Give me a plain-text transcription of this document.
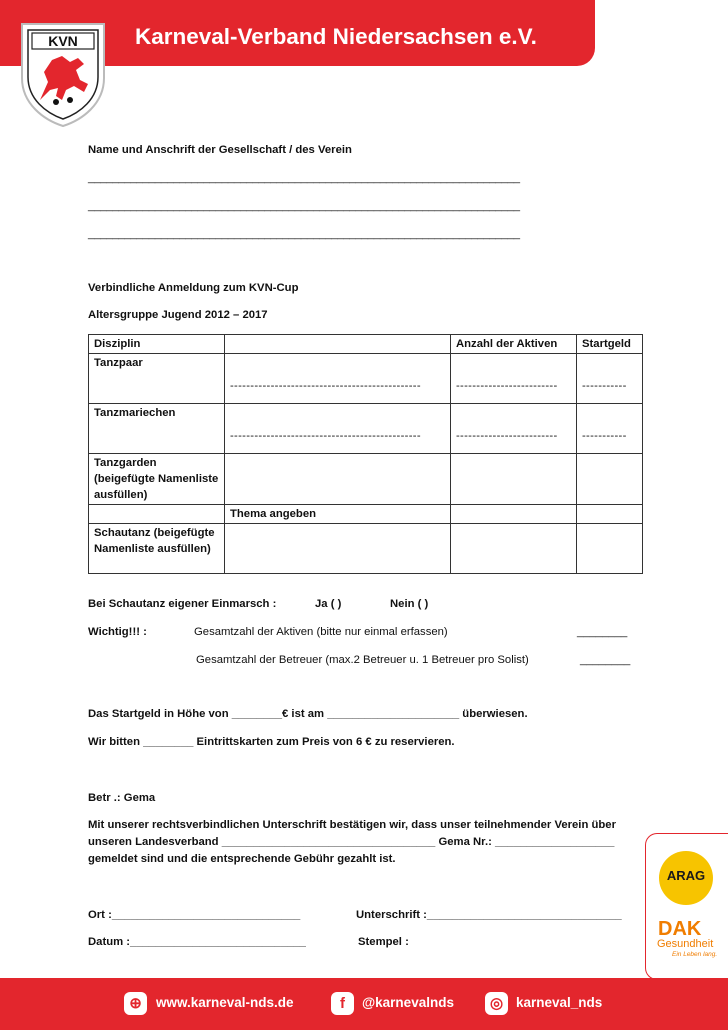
Karneval-Verband Niedersachsen e.V.
KVN
Name und Anschrift der Gesellschaft / des Verein
_______________________________________________________________________
_______________________________________________________________________
_______________________________________________________________________
Verbindliche Anmeldung zum KVN-Cup
Altersgruppe Jugend 2012 – 2017
Disziplin		Anzahl der Aktiven	Startgeld
Tanzpaar	-----------------------------------------------	-------------------------	-----------
Tanzmariechen	-----------------------------------------------	-------------------------	-----------
Tanzgarden (beigefügte Namenliste ausfüllen)			
	Thema angeben		
Schautanz (beigefügte Namenliste ausfüllen)			
Bei Schautanz eigener Einmarsch :	Ja ( )	Nein ( )
Wichtig!!! :	Gesamtzahl der Aktiven (bitte nur einmal erfassen)	________
Gesamtzahl der Betreuer (max.2 Betreuer u. 1 Betreuer pro Solist)	________
Das Startgeld in Höhe von ________€ ist am _____________________ überwiesen.
Wir bitten ________ Eintrittskarten zum Preis von 6 € zu reservieren.
Betr .: Gema
Mit unserer rechtsverbindlichen Unterschrift bestätigen wir, dass unser teilnehmender Verein über
unseren Landesverband __________________________________ Gema Nr.: ___________________
gemeldet sind und die entsprechende Gebühr gezahlt ist.
Ort :______________________________	Unterschrift :_______________________________
Datum :____________________________	Stempel :
ARAG
DAK
Gesundheit
Ein Leben lang.
⊕	www.karneval-nds.de	f	@karnevalnds	◎ karneval_nds
